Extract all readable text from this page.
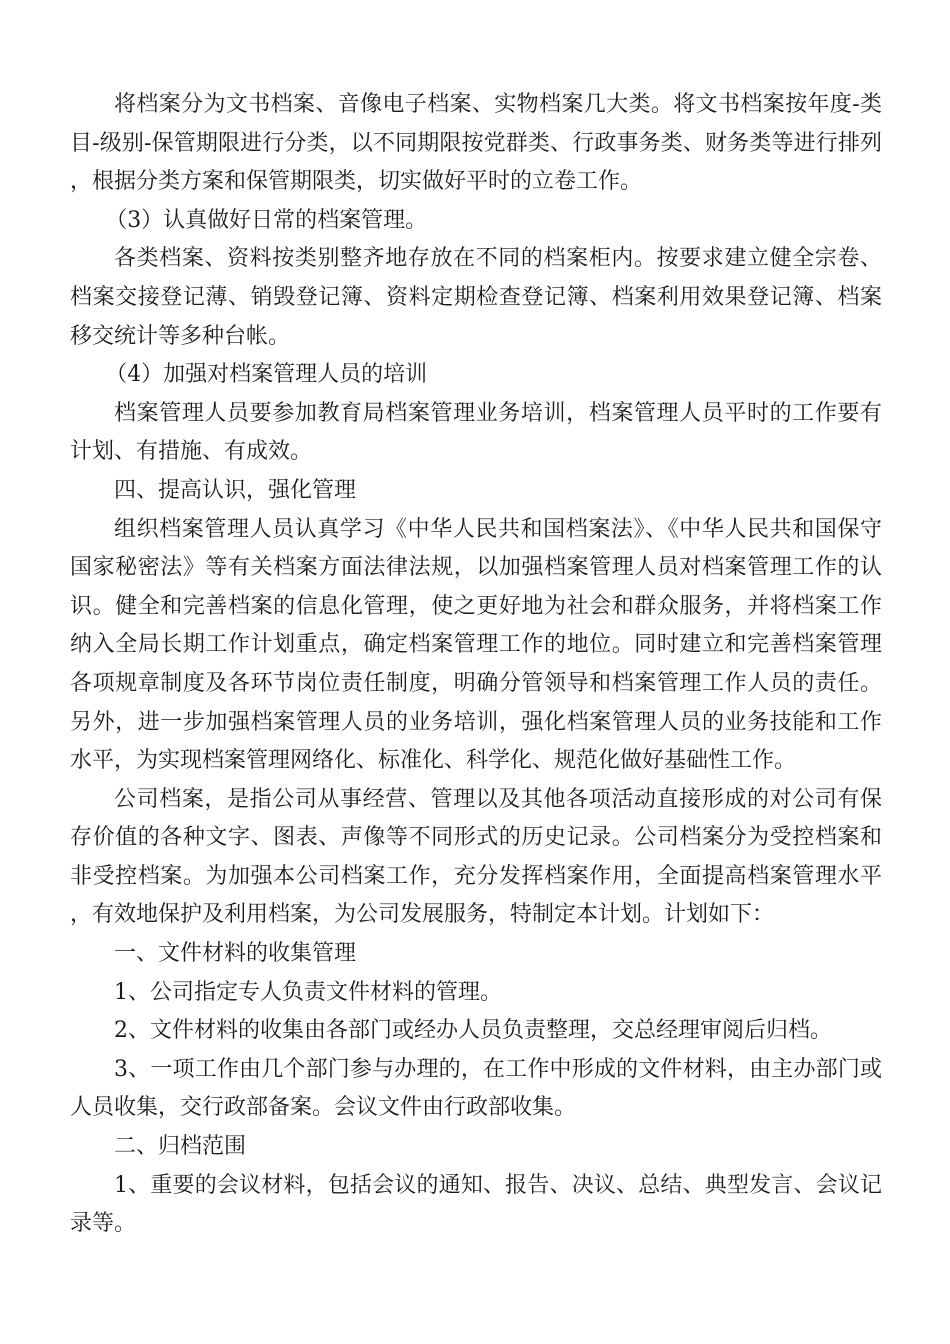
将档案分为文书档案、音像电子档案、实物档案几大类。将文书档案按年度-类目-级别-保管期限进行分类，以不同期限按党群类、行政事务类、财务类等进行排列，根据分类方案和保管期限类，切实做好平时的立卷工作。

（3）认真做好日常的档案管理。

各类档案、资料按类别整齐地存放在不同的档案柜内。按要求建立健全宗卷、档案交接登记薄、销毁登记簿、资料定期检查登记簿、档案利用效果登记簿、档案移交统计等多种台帐。

（4）加强对档案管理人员的培训

档案管理人员要参加教育局档案管理业务培训，档案管理人员平时的工作要有计划、有措施、有成效。

四、提高认识，强化管理

组织档案管理人员认真学习《中华人民共和国档案法》、《中华人民共和国保守国家秘密法》等有关档案方面法律法规，以加强档案管理人员对档案管理工作的认识。健全和完善档案的信息化管理，使之更好地为社会和群众服务，并将档案工作纳入全局长期工作计划重点，确定档案管理工作的地位。同时建立和完善档案管理各项规章制度及各环节岗位责任制度，明确分管领导和档案管理工作人员的责任。另外，进一步加强档案管理人员的业务培训，强化档案管理人员的业务技能和工作水平，为实现档案管理网络化、标准化、科学化、规范化做好基础性工作。

公司档案，是指公司从事经营、管理以及其他各项活动直接形成的对公司有保存价值的各种文字、图表、声像等不同形式的历史记录。公司档案分为受控档案和非受控档案。为加强本公司档案工作，充分发挥档案作用，全面提高档案管理水平，有效地保护及利用档案，为公司发展服务，特制定本计划。计划如下：

一、文件材料的收集管理

1、公司指定专人负责文件材料的管理。

2、文件材料的收集由各部门或经办人员负责整理，交总经理审阅后归档。

3、一项工作由几个部门参与办理的，在工作中形成的文件材料，由主办部门或人员收集，交行政部备案。会议文件由行政部收集。

二、归档范围

1、重要的会议材料，包括会议的通知、报告、决议、总结、典型发言、会议记录等。
